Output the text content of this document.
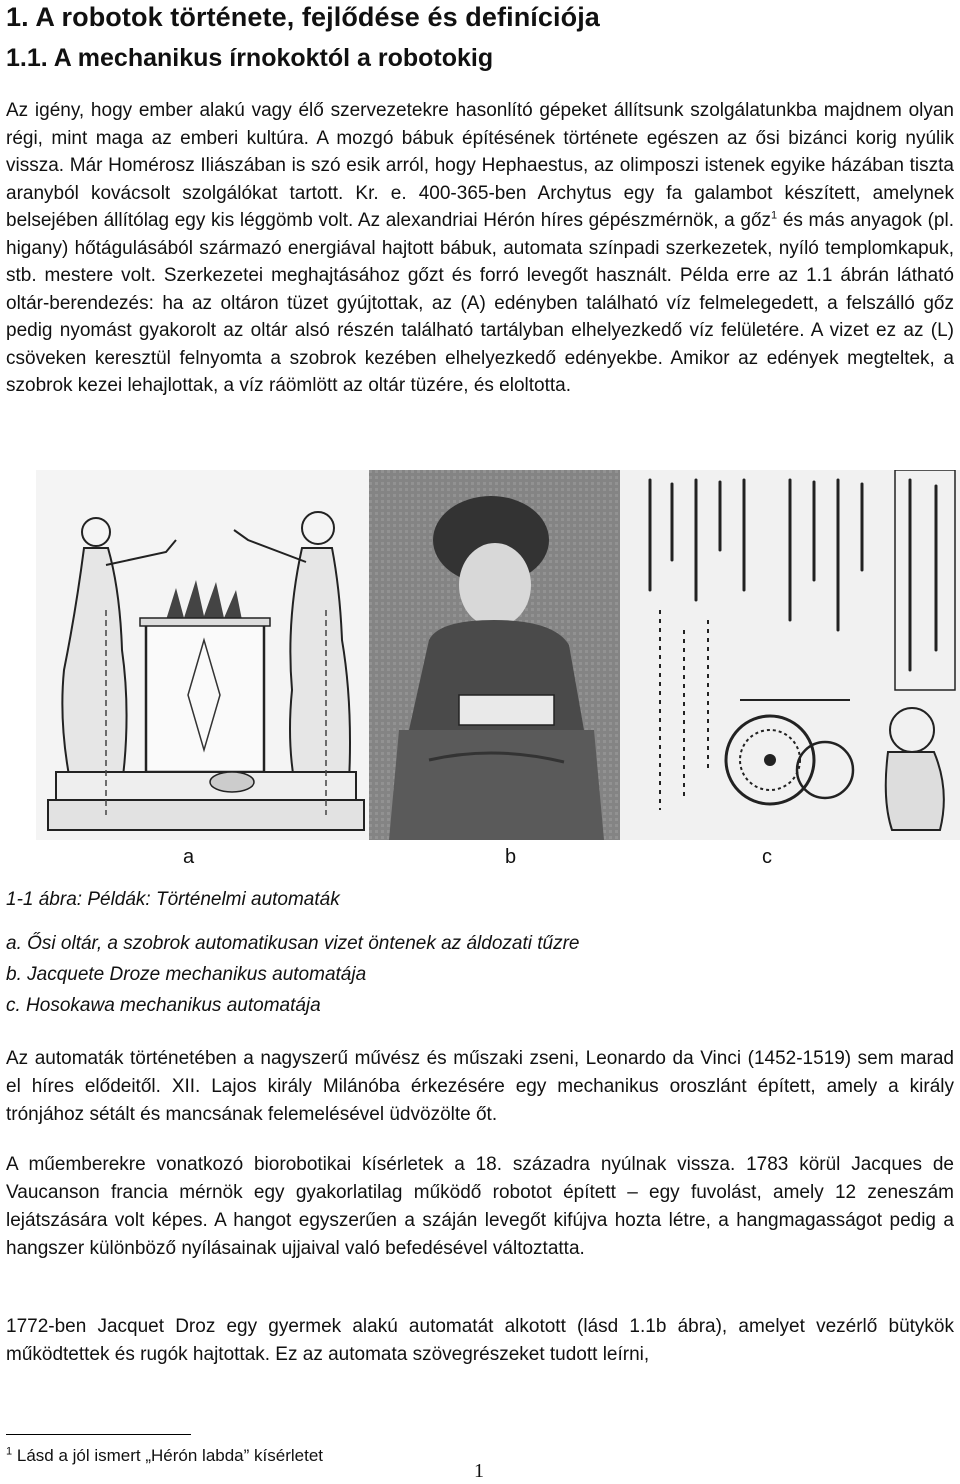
1. A robotok története, fejlődése és definíciója
1.1. A mechanikus írnokoktól a robotokig

Az igény, hogy ember alakú vagy élő szervezetekre hasonlító gépeket állítsunk szolgálatunkba majdnem olyan régi, mint maga az emberi kultúra. A mozgó bábuk építésének története egészen az ősi bizánci korig nyúlik vissza. Már Homérosz Iliászában is szó esik arról, hogy Hephaestus, az olimposzi istenek egyike házában tiszta aranyból kovácsolt szolgálókat tartott. Kr. e. 400-365-ben Archytus egy fa galambot készített, amelynek belsejében állítólag egy kis léggömb volt. Az alexandriai Hérón híres gépészmérnök, a gőz$^1$ és más anyagok (pl. higany) hőtágulásából származó energiával hajtott bábuk, automata színpadi szerkezetek, nyíló templomkapuk, stb. mestere volt. Szerkezetei meghajtásához gőzt és forró levegőt használt. Példa erre az 1.1 ábrán látható oltár-berendezés: ha az oltáron tüzet gyújtottak, az (A) edényben található víz felmelegedett, a felszálló gőz pedig nyomást gyakorolt az oltár alsó részén található tartályban elhelyezkedő víz felületére. A vizet ez az (L) csöveken keresztül felnyomta a szobrok kezében elhelyezkedő edényekbe. Amikor az edények megteltek, a szobrok kezei lehajlottak, a víz ráömlött az oltár tüzére, és eloltotta.

a	b	c

1-1 ábra: Példák: Történelmi automaták

a. Ősi oltár, a szobrok automatikusan vizet öntenek az áldozati tűzre

b. Jacquete Droze mechanikus automatája

c. Hosokawa mechanikus automatája

Az automaták történetében a nagyszerű művész és műszaki zseni, Leonardo da Vinci (1452-1519) sem marad el híres elődeitől. XII. Lajos király Milánóba érkezésére egy mechanikus oroszlánt épített, amely a király trónjához sétált és mancsának felemelésével üdvözölte őt.

A műemberekre vonatkozó biorobotikai kísérletek a 18. századra nyúlnak vissza. 1783 körül Jacques de Vaucanson francia mérnök egy gyakorlatilag működő robotot épített – egy fuvolást, amely 12 zeneszám lejátszására volt képes. A hangot egyszerűen a száján levegőt kifújva hozta létre, a hangmagasságot pedig a hangszer különböző nyílásainak ujjaival való befedésével változtatta.

1772-ben Jacquet Droz egy gyermek alakú automatát alkotott (lásd 1.1b ábra), amelyet vezérlő bütykök működtettek és rugók hajtottak. Ez az automata szövegrészeket tudott leírni,

$^1$ Lásd a jól ismert „Hérón labda” kísérletet
1
